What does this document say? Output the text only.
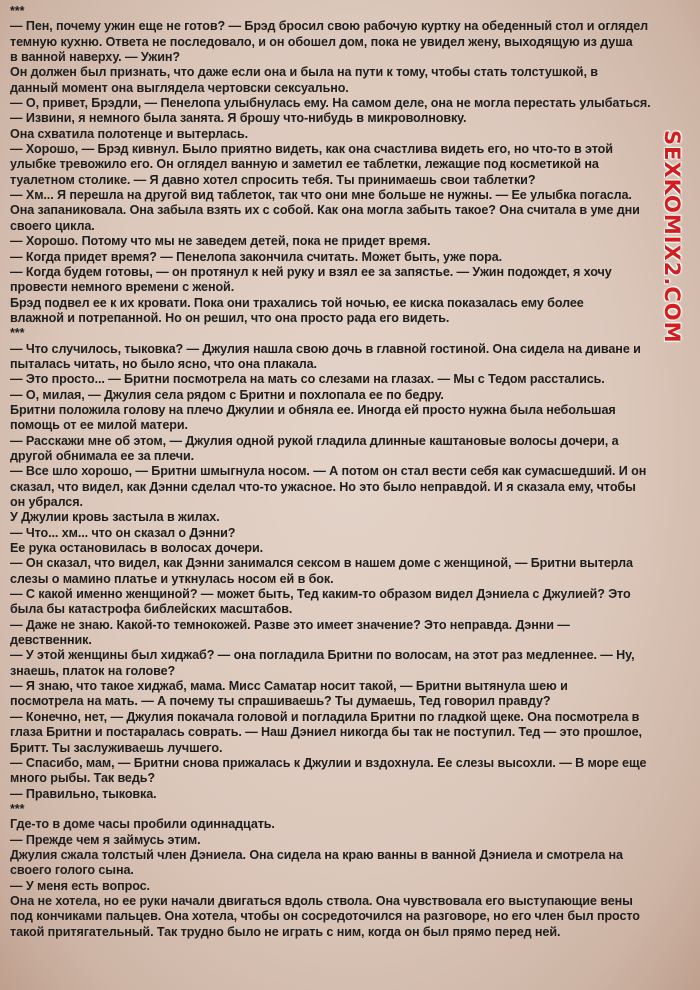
***
— Пен, почему ужин еще не готов? — Брэд бросил свою рабочую куртку на обеденный стол и оглядел
темную кухню. Ответа не последовало, и он обошел дом, пока не увидел жену, выходящую из душа
в ванной наверху. — Ужин?
Он должен был признать, что даже если она и была на пути к тому, чтобы стать толстушкой, в
данный момент она выглядела чертовски сексуально.
— О, привет, Брэдли, — Пенелопа улыбнулась ему. На самом деле, она не могла перестать улыбаться.
— Извини, я немного была занята. Я брошу что-нибудь в микроволновку.
Она схватила полотенце и вытерлась.
— Хорошо, — Брэд кивнул. Было приятно видеть, как она счастлива видеть его, но что-то в этой
улыбке тревожило его. Он оглядел ванную и заметил ее таблетки, лежащие под косметикой на
туалетном столике. — Я давно хотел спросить тебя. Ты принимаешь свои таблетки?
— Хм... Я перешла на другой вид таблеток, так что они мне больше не нужны. — Ее улыбка погасла.
Она запаниковала. Она забыла взять их с собой. Как она могла забыть такое? Она считала в уме дни
своего цикла.
— Хорошо. Потому что мы не заведем детей, пока не придет время.
— Когда придет время? — Пенелопа закончила считать. Может быть, уже пора.
— Когда будем готовы, — он протянул к ней руку и взял ее за запястье. — Ужин подождет, я хочу
провести немного времени с женой.
Брэд подвел ее к их кровати. Пока они трахались той ночью, ее киска показалась ему более
влажной и потрепанной. Но он решил, что она просто рада его видеть.
***
— Что случилось, тыковка? — Джулия нашла свою дочь в главной гостиной. Она сидела на диване и
пыталась читать, но было ясно, что она плакала.
— Это просто... — Бритни посмотрела на мать со слезами на глазах. — Мы с Тедом расстались.
— О, милая, — Джулия села рядом с Бритни и похлопала ее по бедру.
Бритни положила голову на плечо Джулии и обняла ее. Иногда ей просто нужна была небольшая
помощь от ее милой матери.
— Расскажи мне об этом, — Джулия одной рукой гладила длинные каштановые волосы дочери, а
другой обнимала ее за плечи.
— Все шло хорошо, — Бритни шмыгнула носом. — А потом он стал вести себя как сумасшедший. И он
сказал, что видел, как Дэнни сделал что-то ужасное. Но это было неправдой. И я сказала ему, чтобы
он убрался.
У Джулии кровь застыла в жилах.
— Что... хм... что он сказал о Дэнни?
Ее рука остановилась в волосах дочери.
— Он сказал, что видел, как Дэнни занимался сексом в нашем доме с женщиной, — Бритни вытерла
слезы о мамино платье и уткнулась носом ей в бок.
— С какой именно женщиной? — может быть, Тед каким-то образом видел Дэниела с Джулией? Это
была бы катастрофа библейских масштабов.
— Даже не знаю. Какой-то темнокожей. Разве это имеет значение? Это неправда. Дэнни —
девственник.
— У этой женщины был хиджаб? — она погладила Бритни по волосам, на этот раз медленнее. — Ну,
знаешь, платок на голове?
— Я знаю, что такое хиджаб, мама. Мисс Саматар носит такой, — Бритни вытянула шею и
посмотрела на мать. — А почему ты спрашиваешь? Ты думаешь, Тед говорил правду?
— Конечно, нет, — Джулия покачала головой и погладила Бритни по гладкой щеке. Она посмотрела в
глаза Бритни и постаралась соврать. — Наш Дэниел никогда бы так не поступил. Тед — это прошлое,
Бритт. Ты заслуживаешь лучшего.
— Спасибо, мам, — Бритни снова прижалась к Джулии и вздохнула. Ее слезы высохли. — В море еще
много рыбы. Так ведь?
— Правильно, тыковка.
***
Где-то в доме часы пробили одиннадцать.
— Прежде чем я займусь этим.
Джулия сжала толстый член Дэниела. Она сидела на краю ванны в ванной Дэниела и смотрела на
своего голого сына.
— У меня есть вопрос.
Она не хотела, но ее руки начали двигаться вдоль ствола. Она чувствовала его выступающие вены
под кончиками пальцев. Она хотела, чтобы он сосредоточился на разговоре, но его член был просто
такой притягательный. Так трудно было не играть с ним, когда он был прямо перед ней.
SEXKOMIX2.COM
